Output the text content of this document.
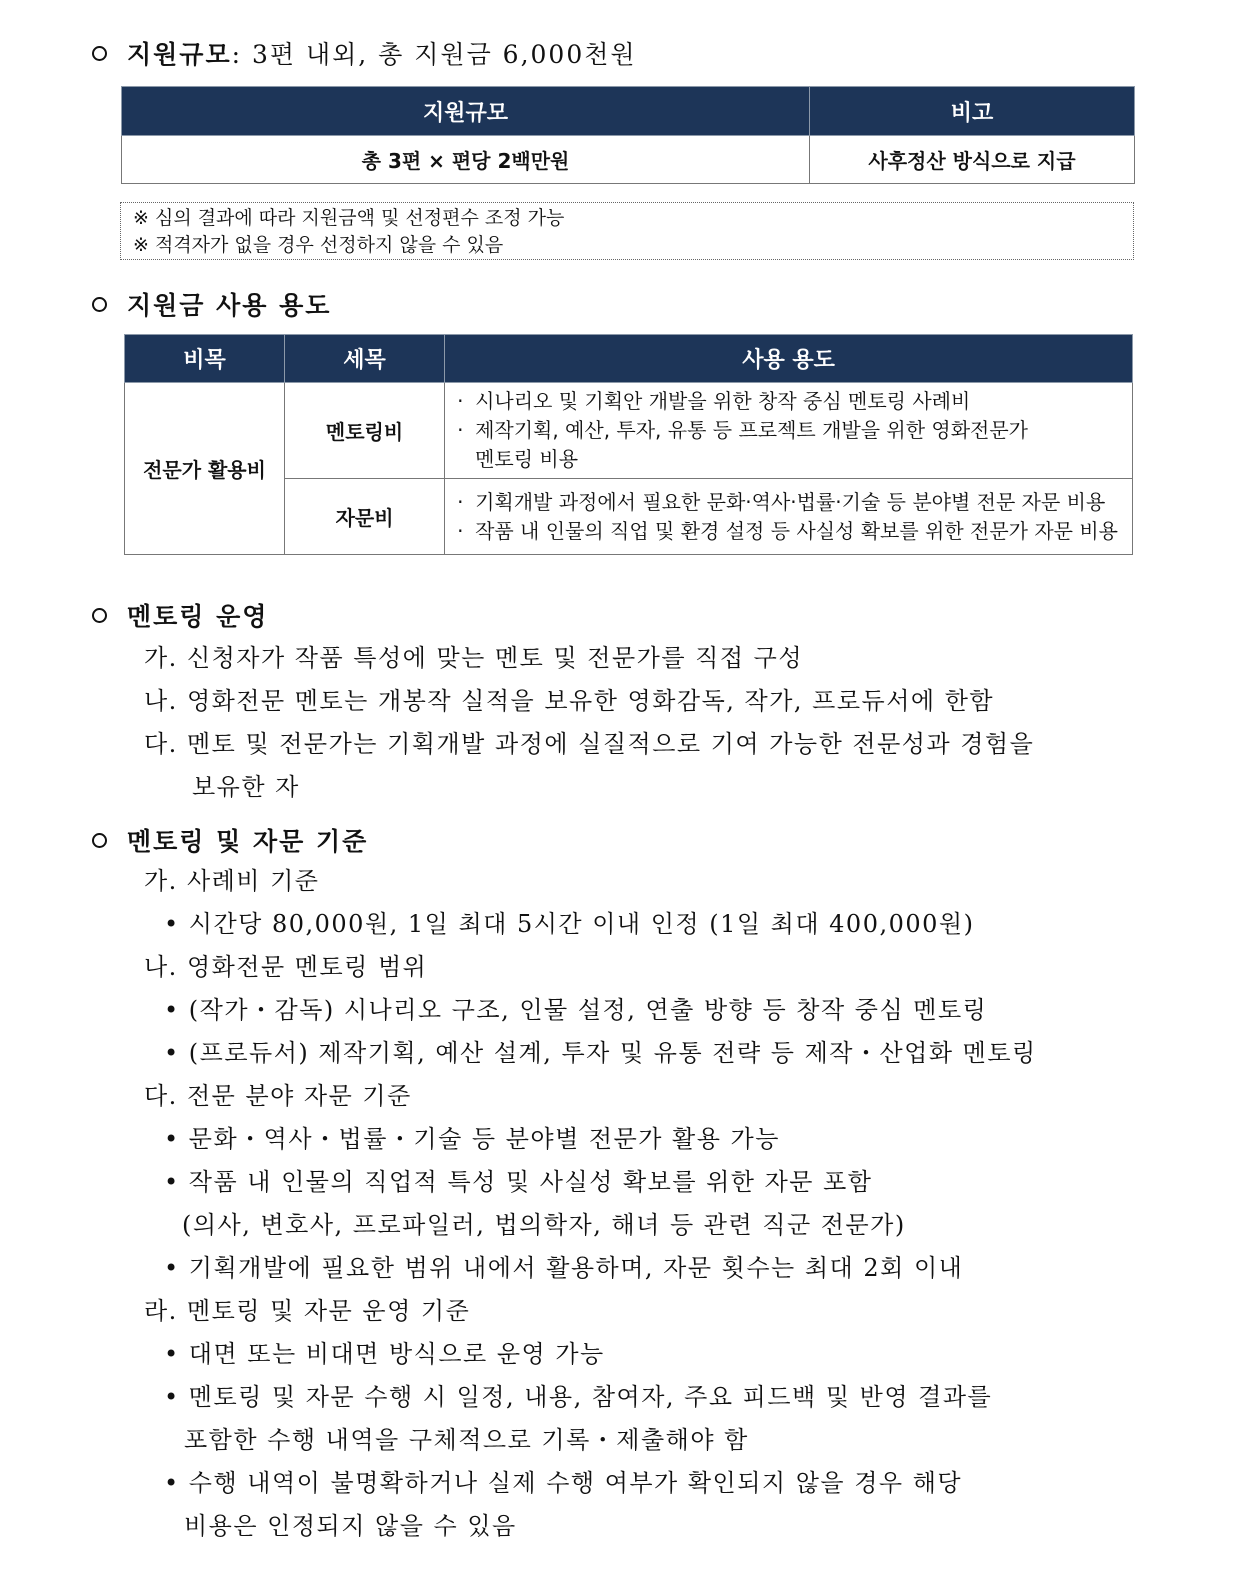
지원규모 : 3편 내외, 총 지원금 6,000천원
지원규모	비고
총 3편 × 편당 2백만원	사후정산 방식으로 지급
※ 심의 결과에 따라 지원금액 및 선정편수 조정 가능
※ 적격자가 없을 경우 선정하지 않을 수 있음
지원금 사용 용도
비목	세목	사용 용도
전문가 활용비	멘토링비	· 시나리오 및 기획안 개발을 위한 창작 중심 멘토링 사례비
· 제작기획, 예산, 투자, 유통 등 프로젝트 개발을 위한 영화전문가
멘토링 비용

	자문비	· 기획개발 과정에서 필요한 문화·역사·법률·기술 등 분야별 전문 자문 비용
· 작품 내 인물의 직업 및 환경 설정 등 사실성 확보를 위한 전문가 자문 비용
멘토링 운영
가. 신청자가 작품 특성에 맞는 멘토 및 전문가를 직접 구성
나. 영화전문 멘토는 개봉작 실적을 보유한 영화감독, 작가, 프로듀서에 한함
다. 멘토 및 전문가는 기획개발 과정에 실질적으로 기여 가능한 전문성과 경험을
보유한 자
멘토링 및 자문 기준
가. 사례비 기준
• 시간당 80,000원, 1일 최대 5시간 이내 인정 (1일 최대 400,000원)
나. 영화전문 멘토링 범위
• (작가・감독) 시나리오 구조, 인물 설정, 연출 방향 등 창작 중심 멘토링
• (프로듀서) 제작기획, 예산 설계, 투자 및 유통 전략 등 제작・산업화 멘토링
다. 전문 분야 자문 기준
• 문화・역사・법률・기술 등 분야별 전문가 활용 가능
• 작품 내 인물의 직업적 특성 및 사실성 확보를 위한 자문 포함
(의사, 변호사, 프로파일러, 법의학자, 해녀 등 관련 직군 전문가)
• 기획개발에 필요한 범위 내에서 활용하며, 자문 횟수는 최대 2회 이내
라. 멘토링 및 자문 운영 기준
• 대면 또는 비대면 방식으로 운영 가능
• 멘토링 및 자문 수행 시 일정, 내용, 참여자, 주요 피드백 및 반영 결과를
포함한 수행 내역을 구체적으로 기록・제출해야 함
• 수행 내역이 불명확하거나 실제 수행 여부가 확인되지 않을 경우 해당
비용은 인정되지 않을 수 있음
